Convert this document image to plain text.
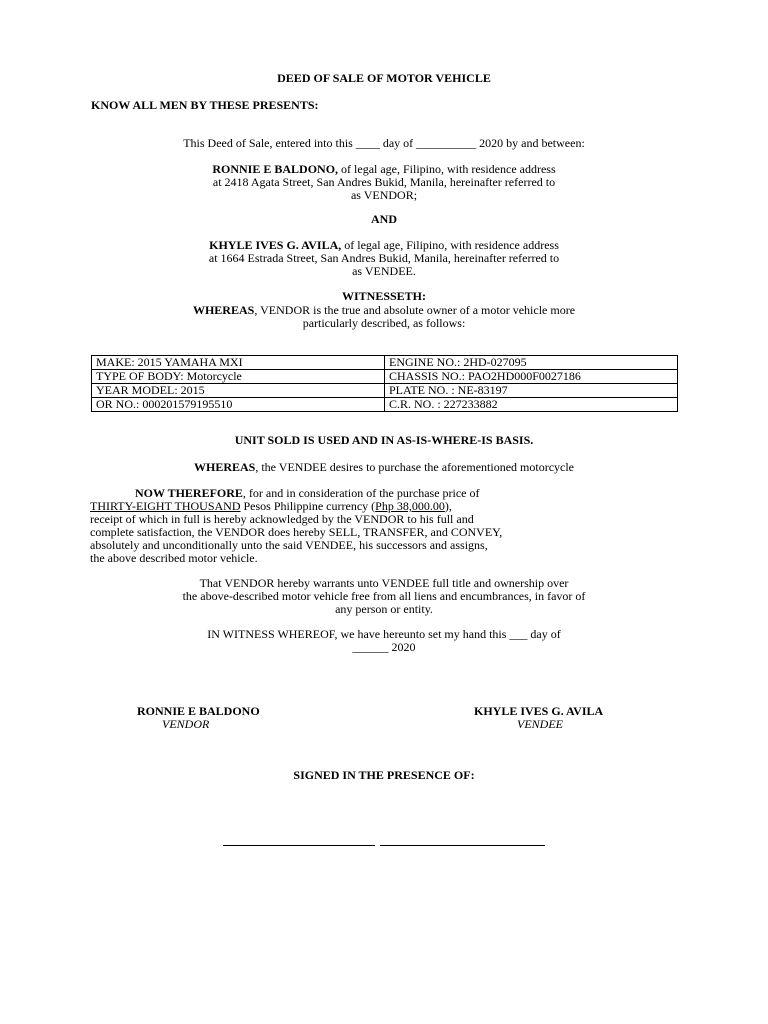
DEED OF SALE OF MOTOR VEHICLE
KNOW ALL MEN BY THESE PRESENTS:
This Deed of Sale, entered into this ____ day of __________ 2020 by and between:
RONNIE E BALDONO, of legal age, Filipino, with residence address
at 2418 Agata Street, San Andres Bukid, Manila, hereinafter referred to
as VENDOR;
AND
KHYLE IVES G. AVILA, of legal age, Filipino, with residence address
at 1664 Estrada Street, San Andres Bukid, Manila, hereinafter referred to
as VENDEE.
WITNESSETH:
WHEREAS, VENDOR is the true and absolute owner of a motor vehicle more
particularly described, as follows:
MAKE: 2015 YAMAHA MXI	ENGINE NO.: 2HD-027095
TYPE OF BODY: Motorcycle	CHASSIS NO.: PAO2HD000F0027186
YEAR MODEL: 2015	PLATE NO. : NE-83197
OR NO.: 000201579195510	C.R. NO. : 227233882
UNIT SOLD IS USED AND IN AS-IS-WHERE-IS BASIS.
WHEREAS, the VENDEE desires to purchase the aforementioned motorcycle
NOW THEREFORE, for and in consideration of the purchase price of
THIRTY-EIGHT THOUSAND Pesos Philippine currency (Php 38,000.00),
receipt of which in full is hereby acknowledged by the VENDOR to his full and
complete satisfaction, the VENDOR does hereby SELL, TRANSFER, and CONVEY,
absolutely and unconditionally unto the said VENDEE, his successors and assigns,
the above described motor vehicle.
That VENDOR hereby warrants unto VENDEE full title and ownership over
the above-described motor vehicle free from all liens and encumbrances, in favor of
any person or entity.
IN WITNESS WHEREOF, we have hereunto set my hand this ___ day of
______ 2020
RONNIE E BALDONO
VENDOR
KHYLE IVES G. AVILA
VENDEE
SIGNED IN THE PRESENCE OF:
